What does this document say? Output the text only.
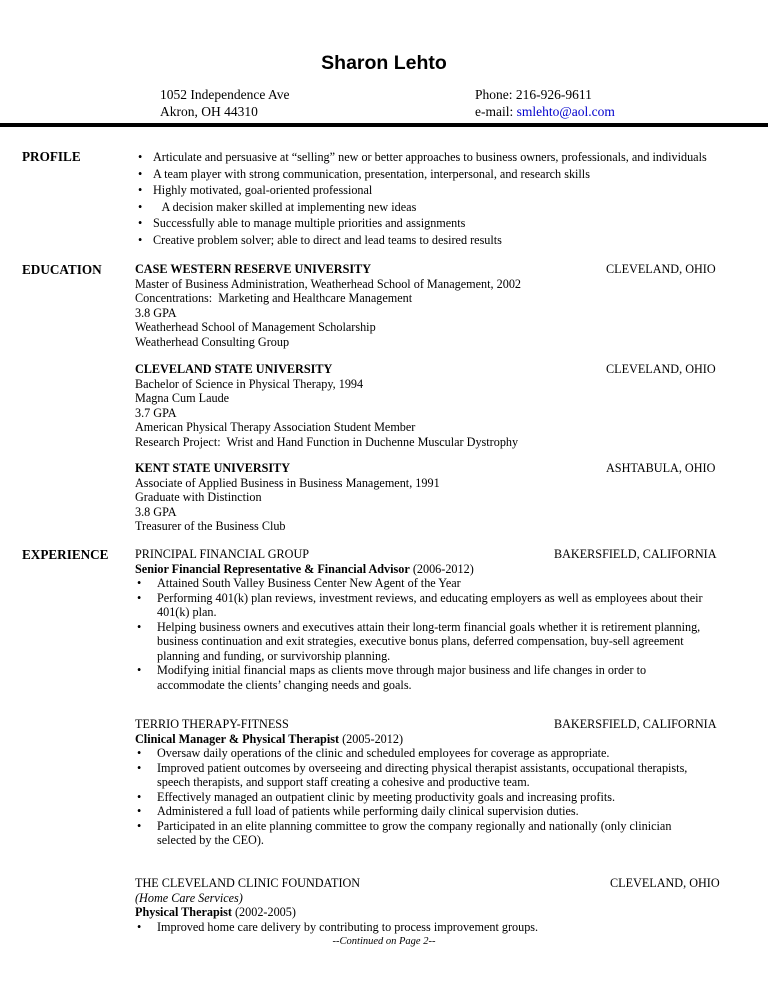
Sharon Lehto
1052 Independence Ave
Akron, OH 44310
Phone: 216-926-9611
e-mail: smlehto@aol.com
PROFILE
•	Articulate and persuasive at “selling” new or better approaches to business owners, professionals, and individuals
• A team player with strong communication, presentation, interpersonal, and research skills
• Highly motivated, goal-oriented professional
•    A decision maker skilled at implementing new ideas
• Successfully able to manage multiple priorities and assignments
• Creative problem solver; able to direct and lead teams to desired results
EDUCATION	CASE WESTERN RESERVE UNIVERSITY
Master of Business Administration, Weatherhead School of Management, 2002
Concentrations:  Marketing and Healthcare Management
3.8 GPA
Weatherhead School of Management Scholarship
Weatherhead Consulting Group
CLEVELAND, OHIO
CLEVELAND STATE UNIVERSITY
Bachelor of Science in Physical Therapy, 1994
Magna Cum Laude
3.7 GPA
American Physical Therapy Association Student Member
Research Project:  Wrist and Hand Function in Duchenne Muscular Dystrophy
CLEVELAND, OHIO
KENT STATE UNIVERSITY
Associate of Applied Business in Business Management, 1991
Graduate with Distinction
3.8 GPA
Treasurer of the Business Club
ASHTABULA, OHIO
EXPERIENCE PRINCIPAL FINANCIAL GROUP
Senior Financial Representative & Financial Advisor (2006-2012)
• Attained South Valley Business Center New Agent of the Year
• Performing 401(k) plan reviews, investment reviews, and educating employers as well as employees about their
401(k) plan.
• Helping business owners and executives attain their long-term financial goals whether it is retirement planning,
business continuation and exit strategies, executive bonus plans, deferred compensation, buy-sell agreement
planning and funding, or survivorship planning.
• Modifying initial financial maps as clients move through major business and life changes in order to
accommodate the clients’ changing needs and goals.
BAKERSFIELD, CALIFORNIA
TERRIO THERAPY-FITNESS
Clinical Manager & Physical Therapist (2005-2012)
• Oversaw daily operations of the clinic and scheduled employees for coverage as appropriate.
• Improved patient outcomes by overseeing and directing physical therapist assistants, occupational therapists,
speech therapists, and support staff creating a cohesive and productive team.
• Effectively managed an outpatient clinic by meeting productivity goals and increasing profits.
• Administered a full load of patients while performing daily clinical supervision duties.
• Participated in an elite planning committee to grow the company regionally and nationally (only clinician
selected by the CEO).
BAKERSFIELD, CALIFORNIA
THE CLEVELAND CLINIC FOUNDATION
(Home Care Services)
Physical Therapist (2002-2005)
• Improved home care delivery by contributing to process improvement groups.
CLEVELAND, OHIO
--Continued on Page 2--
